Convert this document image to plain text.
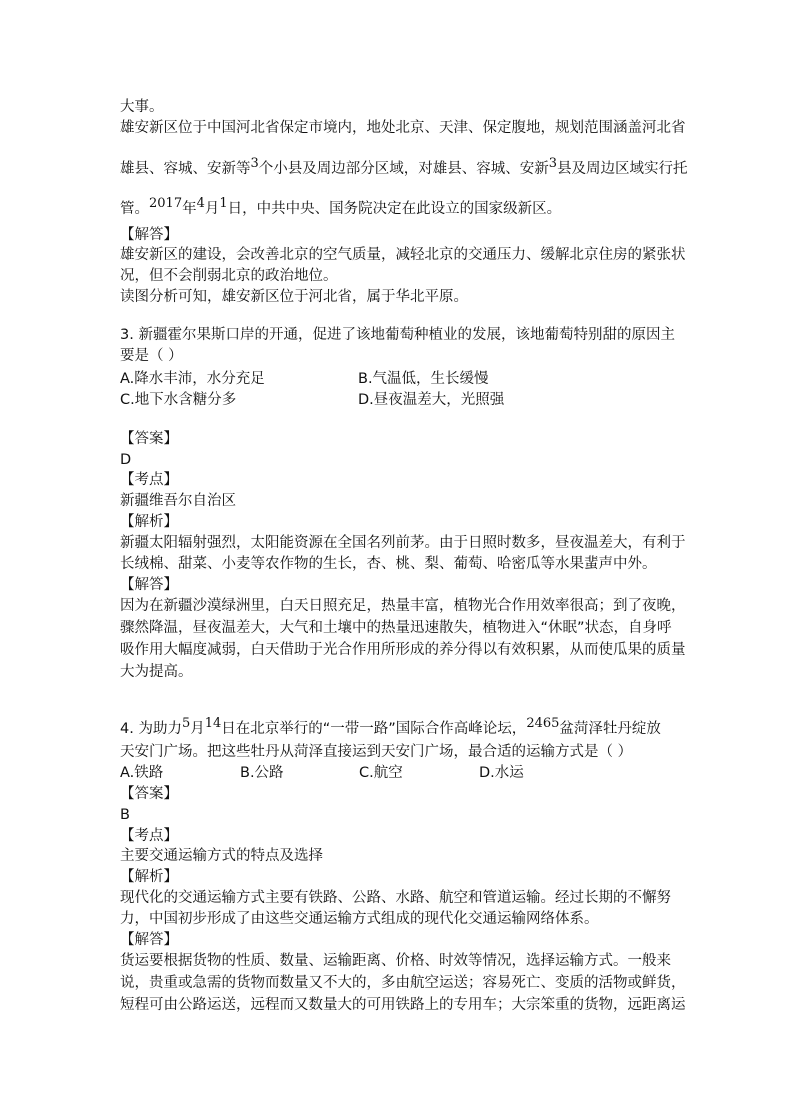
大事。
雄安新区位于中国河北省保定市境内，地处北京、天津、保定腹地，规划范围涵盖河北省
雄县、容城、安新等3个小县及周边部分区域，对雄县、容城、安新3县及周边区域实行托
管。2017年4月1日，中共中央、国务院决定在此设立的国家级新区。
【解答】
雄安新区的建设，会改善北京的空气质量，减轻北京的交通压力、缓解北京住房的紧张状
况，但不会削弱北京的政治地位。
读图分析可知，雄安新区位于河北省，属于华北平原。
3. 新疆霍尔果斯口岸的开通，促进了该地葡萄种植业的发展，该地葡萄特别甜的原因主
要是（ ）
A.降水丰沛，水分充足	B.气温低，生长缓慢
C.地下水含糖分多	D.昼夜温差大，光照强
【答案】
D
【考点】
新疆维吾尔自治区
【解析】
新疆太阳辐射强烈，太阳能资源在全国名列前茅。由于日照时数多，昼夜温差大，有利于
长绒棉、甜菜、小麦等农作物的生长，杏、桃、梨、葡萄、哈密瓜等水果蜚声中外。
【解答】
因为在新疆沙漠绿洲里，白天日照充足，热量丰富，植物光合作用效率很高；到了夜晚，
骤然降温，昼夜温差大，大气和土壤中的热量迅速散失，植物进入“休眠”状态，自身呼
吸作用大幅度减弱，白天借助于光合作用所形成的养分得以有效积累，从而使瓜果的质量
大为提高。
4. 为助力5月14日在北京举行的“一带一路”国际合作高峰论坛，2465盆菏泽牡丹绽放
天安门广场。把这些牡丹从菏泽直接运到天安门广场，最合适的运输方式是（ ）
A.铁路	B.公路	C.航空	D.水运
【答案】
B
【考点】
主要交通运输方式的特点及选择
【解析】
现代化的交通运输方式主要有铁路、公路、水路、航空和管道运输。经过长期的不懈努
力，中国初步形成了由这些交通运输方式组成的现代化交通运输网络体系。
【解答】
货运要根据货物的性质、数量、运输距离、价格、时效等情况，选择运输方式。一般来
说，贵重或急需的货物而数量又不大的，多由航空运送；容易死亡、变质的活物或鲜货，
短程可由公路运送，远程而又数量大的可用铁路上的专用车；大宗笨重的货物，远距离运
